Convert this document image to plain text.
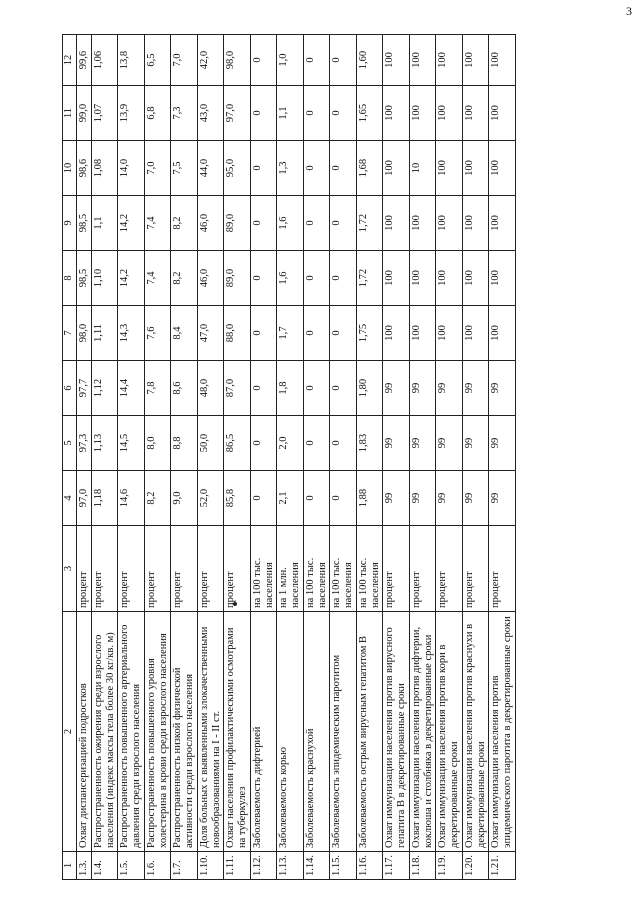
3
1	2	3	4	5	6	7	8	9	10	11	12
1.3.	Охват диспансеризацией подростков	процент	97,0	97,3	97,7	98,0	98,5	98,5	98,6	99,0	99,6
1.4.	Распространенность ожирения среди взрослого населения (индекс массы тела более 30 кг/кв. м)	процент	1,18	1,13	1,12	1,11	1,10	1,1	1,08	1,07	1,06
1.5.	Распространенность повышенного артериального давления среди взрослого населения	процент	14,6	14,5	14,4	14,3	14,2	14,2	14,0	13,9	13,8
1.6.	Распространенность повышенного уровня холестерина в крови среди взрослого населения	процент	8,2	8,0	7,8	7,6	7,4	7,4	7,0	6,8	6,5
1.7.	Распространенность низкой физической активности среди взрослого населения	процент	9,0	8,8	8,6	8,4	8,2	8,2	7,5	7,3	7,0
1.10.	Доля больных с выявленными злокачественными новообразованиями на I - II ст.	процент	52,0	50,0	48,0	47,0	46,0	46,0	44,0	43,0	42,0
1.11.	Охват населения профилактическими осмотрами на туберкулез	процент	85,8	86,5	87,0	88,0	89,0	89,0	95,0	97,0	98,0
1.12.	Заболеваемость дифтерией	на 100 тыс. населения	0	0	0	0	0	0	0	0	0
1.13.	Заболеваемость корью	на 1 млн. населения	2,1	2,0	1,8	1,7	1,6	1,6	1,3	1,1	1,0
1.14.	Заболеваемость краснухой	на 100 тыс. населения	0	0	0	0	0	0	0	0	0
1.15.	Заболеваемость эпидемическим паротитом	на 100 тыс. населения	0	0	0	0	0	0	0	0	0
1.16.	Заболеваемость острым вирусным гепатитом В	на 100 тыс. населения	1,88	1,83	1,80	1,75	1,72	1,72	1,68	1,65	1,60
1.17.	Охват иммунизации населения против вирусного гепатита В в декретированные сроки	процент	99	99	99	100	100	100	100	100	100
1.18.	Охват иммунизации населения против дифтерии, коклюша и столбняка в декретированные сроки	процент	99	99	99	100	100	100	10	100	100
1.19.	Охват иммунизации населения против кори в декретированные сроки	процент	99	99	99	100	100	100	100	100	100
1.20.	Охват иммунизации населения против краснухи в декретированные сроки	процент	99	99	99	100	100	100	100	100	100
1.21.	Охват иммунизации населения против эпидемического паротита в декретированные сроки	процент	99	99	99	100	100	100	100	100	100
